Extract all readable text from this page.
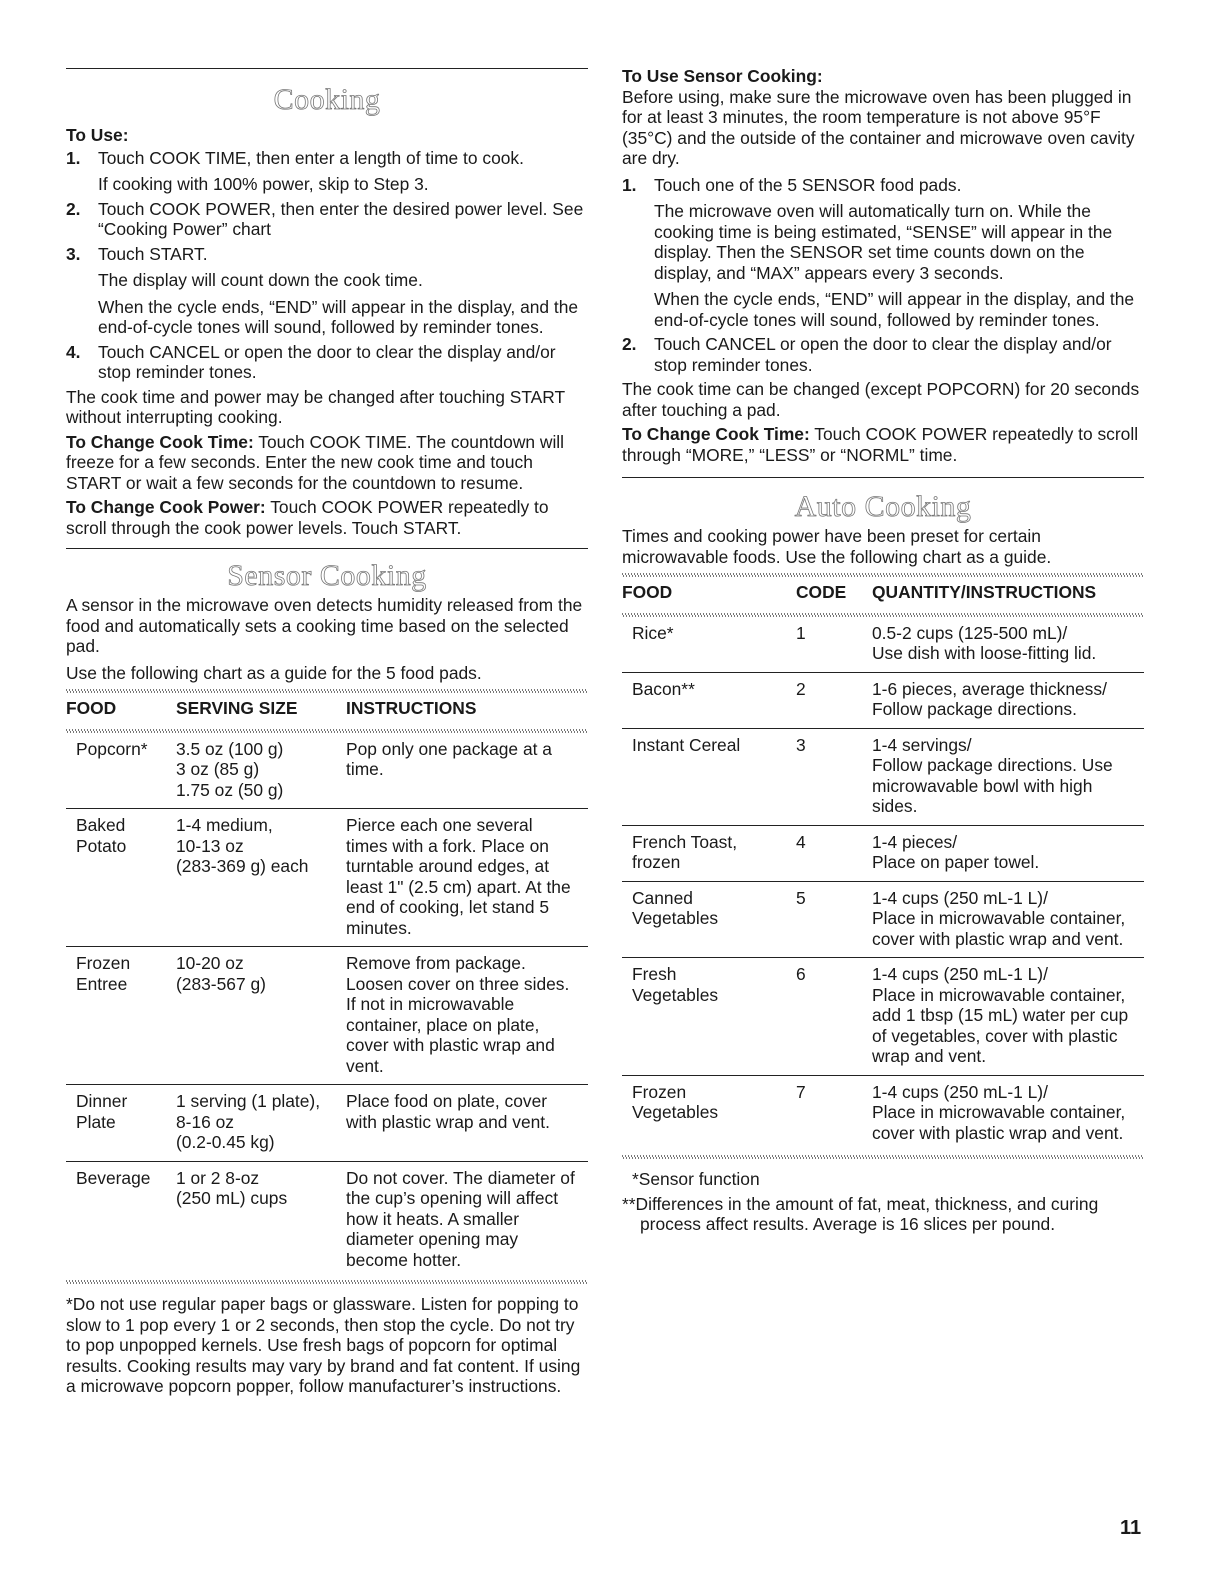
Cooking

To Use:

1. Touch COOK TIME, then enter a length of time to cook.
If cooking with 100% power, skip to Step 3.
2. Touch COOK POWER, then enter the desired power level. See “Cooking Power” chart
3. Touch START.
The display will count down the cook time.
When the cycle ends, “END” will appear in the display, and the end-of-cycle tones will sound, followed by reminder tones.
4. Touch CANCEL or open the door to clear the display and/or stop reminder tones.

The cook time and power may be changed after touching START without interrupting cooking.

To Change Cook Time: Touch COOK TIME. The countdown will freeze for a few seconds. Enter the new cook time and touch START or wait a few seconds for the countdown to resume.

To Change Cook Power: Touch COOK POWER repeatedly to scroll through the cook power levels. Touch START.

Sensor Cooking

A sensor in the microwave oven detects humidity released from the food and automatically sets a cooking time based on the selected pad.

Use the following chart as a guide for the 5 food pads.

FOOD	SERVING SIZE	INSTRUCTIONS

Popcorn*	3.5 oz (100 g)
3 oz (85 g)
1.75 oz (50 g)	Pop only one package at a time.
Baked
Potato	1-4 medium,
10-13 oz
(283-369 g) each	Pierce each one several times with a fork. Place on turntable around edges, at least 1" (2.5 cm) apart. At the end of cooking, let stand 5 minutes.
Frozen
Entree	10-20 oz
(283-567 g)	Remove from package. Loosen cover on three sides. If not in microwavable container, place on plate, cover with plastic wrap and vent.
Dinner
Plate	1 serving (1 plate),
8-16 oz
(0.2-0.45 kg)	Place food on plate, cover with plastic wrap and vent.
Beverage	1 or 2 8-oz
(250 mL) cups	Do not cover. The diameter of the cup’s opening will affect how it heats. A smaller diameter opening may become hotter.

*Do not use regular paper bags or glassware. Listen for popping to slow to 1 pop every 1 or 2 seconds, then stop the cycle. Do not try to pop unpopped kernels. Use fresh bags of popcorn for optimal results. Cooking results may vary by brand and fat content. If using a microwave popcorn popper, follow manufacturer’s instructions.

To Use Sensor Cooking:

Before using, make sure the microwave oven has been plugged in for at least 3 minutes, the room temperature is not above 95°F (35°C) and the outside of the container and microwave oven cavity are dry.

1. Touch one of the 5 SENSOR food pads.
The microwave oven will automatically turn on. While the cooking time is being estimated, “SENSE” will appear in the display. Then the SENSOR set time counts down on the display, and “MAX” appears every 3 seconds.
When the cycle ends, “END” will appear in the display, and the end-of-cycle tones will sound, followed by reminder tones.
2. Touch CANCEL or open the door to clear the display and/or stop reminder tones.

The cook time can be changed (except POPCORN) for 20 seconds after touching a pad.

To Change Cook Time: Touch COOK POWER repeatedly to scroll through “MORE,” “LESS” or “NORML” time.

Auto Cooking

Times and cooking power have been preset for certain microwavable foods. Use the following chart as a guide.

FOOD	CODE	QUANTITY/INSTRUCTIONS

Rice*	1	0.5-2 cups (125-500 mL)/
Use dish with loose-fitting lid.
Bacon**	2	1-6 pieces, average thickness/
Follow package directions.
Instant Cereal	3	1-4 servings/
Follow package directions. Use microwavable bowl with high sides.
French Toast,
frozen	4	1-4 pieces/
Place on paper towel.
Canned
Vegetables	5	1-4 cups (250 mL-1 L)/
Place in microwavable container, cover with plastic wrap and vent.
Fresh
Vegetables	6	1-4 cups (250 mL-1 L)/
Place in microwavable container, add 1 tbsp (15 mL) water per cup of vegetables, cover with plastic wrap and vent.
Frozen
Vegetables	7	1-4 cups (250 mL-1 L)/
Place in microwavable container, cover with plastic wrap and vent.

*Sensor function

**Differences in the amount of fat, meat, thickness, and curing process affect results. Average is 16 slices per pound.

11
